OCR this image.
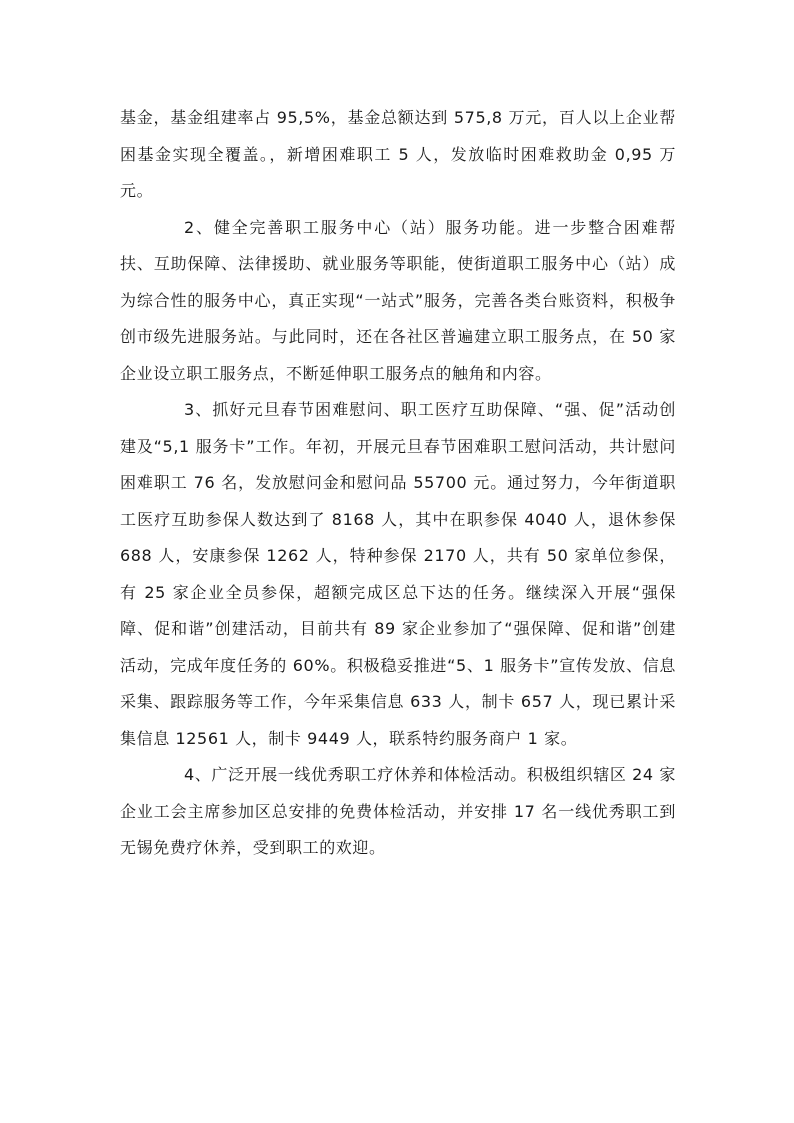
基金，基金组建率占 95,5%，基金总额达到 575,8 万元，百人以上企业帮困基金实现全覆盖。，新增困难职工 5 人，发放临时困难救助金 0,95 万元。

2、健全完善职工服务中心（站）服务功能。进一步整合困难帮扶、互助保障、法律援助、就业服务等职能，使街道职工服务中心（站）成为综合性的服务中心，真正实现“一站式”服务，完善各类台账资料，积极争创市级先进服务站。与此同时，还在各社区普遍建立职工服务点，在 50 家企业设立职工服务点，不断延伸职工服务点的触角和内容。

3、抓好元旦春节困难慰问、职工医疗互助保障、“强、促”活动创建及“5,1 服务卡”工作。年初，开展元旦春节困难职工慰问活动，共计慰问困难职工 76 名，发放慰问金和慰问品 55700 元。通过努力，今年街道职工医疗互助参保人数达到了 8168 人，其中在职参保 4040 人，退休参保 688 人，安康参保 1262 人，特种参保 2170 人，共有 50 家单位参保，有 25 家企业全员参保，超额完成区总下达的任务。继续深入开展“强保障、促和谐”创建活动，目前共有 89 家企业参加了“强保障、促和谐”创建活动，完成年度任务的 60%。积极稳妥推进“5、1 服务卡”宣传发放、信息采集、跟踪服务等工作，今年采集信息 633 人，制卡 657 人，现已累计采集信息 12561 人，制卡 9449 人，联系特约服务商户 1 家。

4、广泛开展一线优秀职工疗休养和体检活动。积极组织辖区 24 家企业工会主席参加区总安排的免费体检活动，并安排 17 名一线优秀职工到无锡免费疗休养，受到职工的欢迎。
